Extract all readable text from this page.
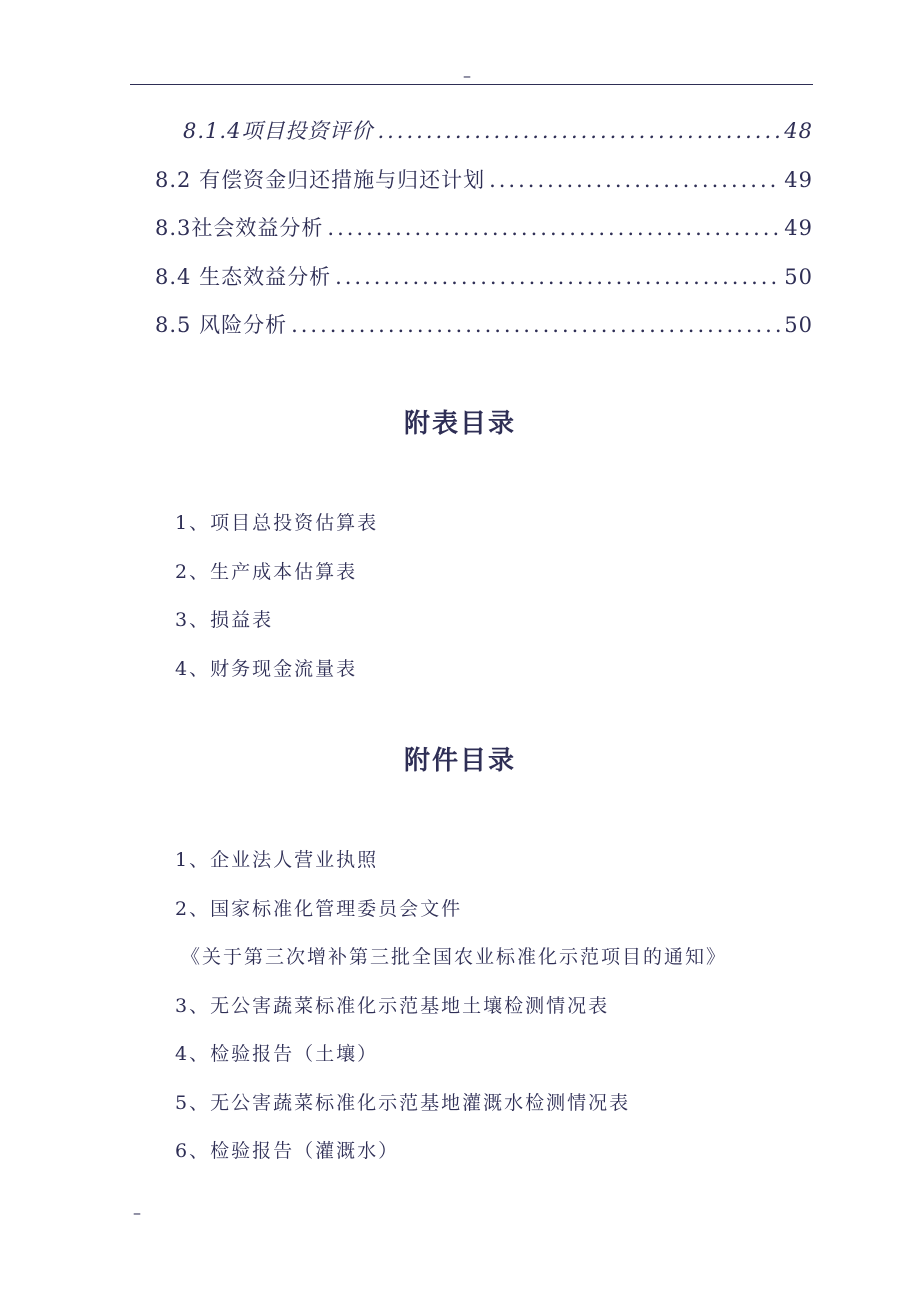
–
8.1.4项目投资评价 .....	48
8.2 有偿资金归还措施与归还计划 .....	49
8.3社会效益分析 .....	49
8.4 生态效益分析 .....	50
8.5 风险分析 .....	50
附表目录
1、项目总投资估算表
2、生产成本估算表
3、损益表
4、财务现金流量表
附件目录
1、企业法人营业执照
2、国家标准化管理委员会文件
《关于第三次增补第三批全国农业标准化示范项目的通知》
3、无公害蔬菜标准化示范基地土壤检测情况表
4、检验报告（土壤）
5、无公害蔬菜标准化示范基地灌溉水检测情况表
6、检验报告（灌溉水）
–
